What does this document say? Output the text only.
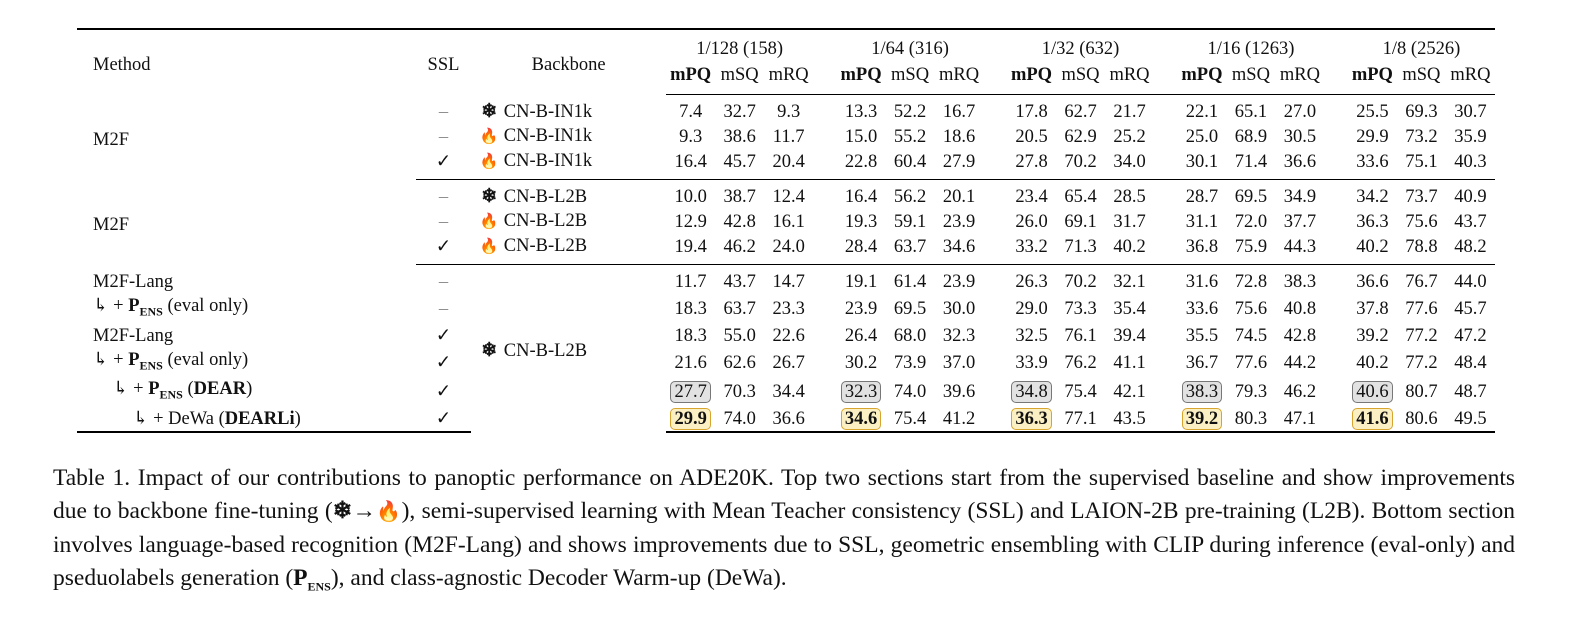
Method	SSL	Backbone	1/128 (158)				1/64 (316)				1/32 (632)				1/16 (1263)				1/8 (2526)		
			mPQ	mSQ	mRQ		mPQ	mSQ	mRQ		mPQ	mSQ	mRQ		mPQ	mSQ	mRQ		mPQ	mSQ	mRQ
M2F	–	❄ CN-B-IN1k	7.4	32.7	9.3		13.3	52.2	16.7		17.8	62.7	21.7		22.1	65.1	27.0		25.5	69.3	30.7
	–	🔥 CN-B-IN1k	9.3	38.6	11.7		15.0	55.2	18.6		20.5	62.9	25.2		25.0	68.9	30.5		29.9	73.2	35.9
	✓	🔥 CN-B-IN1k	16.4	45.7	20.4		22.8	60.4	27.9		27.8	70.2	34.0		30.1	71.4	36.6		33.6	75.1	40.3
M2F	–	❄ CN-B-L2B	10.0	38.7	12.4		16.4	56.2	20.1		23.4	65.4	28.5		28.7	69.5	34.9		34.2	73.7	40.9
	–	🔥 CN-B-L2B	12.9	42.8	16.1		19.3	59.1	23.9		26.0	69.1	31.7		31.1	72.0	37.7		36.3	75.6	43.7
	✓	🔥 CN-B-L2B	19.4	46.2	24.0		28.4	63.7	34.6		33.2	71.3	40.2		36.8	75.9	44.3		40.2	78.8	48.2
M2F-Lang	–	❄ CN-B-L2B	11.7	43.7	14.7		19.1	61.4	23.9		26.3	70.2	32.1		31.6	72.8	38.3		36.6	76.7	44.0
↳ + $P_{ENS}$ (eval only)	–		18.3	63.7	23.3		23.9	69.5	30.0		29.0	73.3	35.4		33.6	75.6	40.8		37.8	77.6	45.7
M2F-Lang	✓		18.3	55.0	22.6		26.4	68.0	32.3		32.5	76.1	39.4		35.5	74.5	42.8		39.2	77.2	47.2
↳ + $P_{ENS}$ (eval only)	✓		21.6	62.6	26.7		30.2	73.9	37.0		33.9	76.2	41.1		36.7	77.6	44.2		40.2	77.2	48.4
↳ + $P_{ENS}$ (DEAR)	✓		27.7	70.3	34.4		32.3	74.0	39.6		34.8	75.4	42.1		38.3	79.3	46.2		40.6	80.7	48.7
↳ + DeWa (DEARLi)	✓		29.9	74.0	36.6		34.6	75.4	41.2		36.3	77.1	43.5		39.2	80.3	47.1		41.6	80.6	49.5
Table 1. Impact of our contributions to panoptic performance on ADE20K. Top two sections start from the supervised baseline and show improvements due to backbone fine-tuning (❄→🔥), semi-supervised learning with Mean Teacher consistency (SSL) and LAION-2B pre-training (L2B). Bottom section involves language-based recognition (M2F-Lang) and shows improvements due to SSL, geometric ensembling with CLIP during inference (eval-only) and pseduolabels generation $(P_{ENS})$, and class-agnostic Decoder Warm-up (DeWa).
